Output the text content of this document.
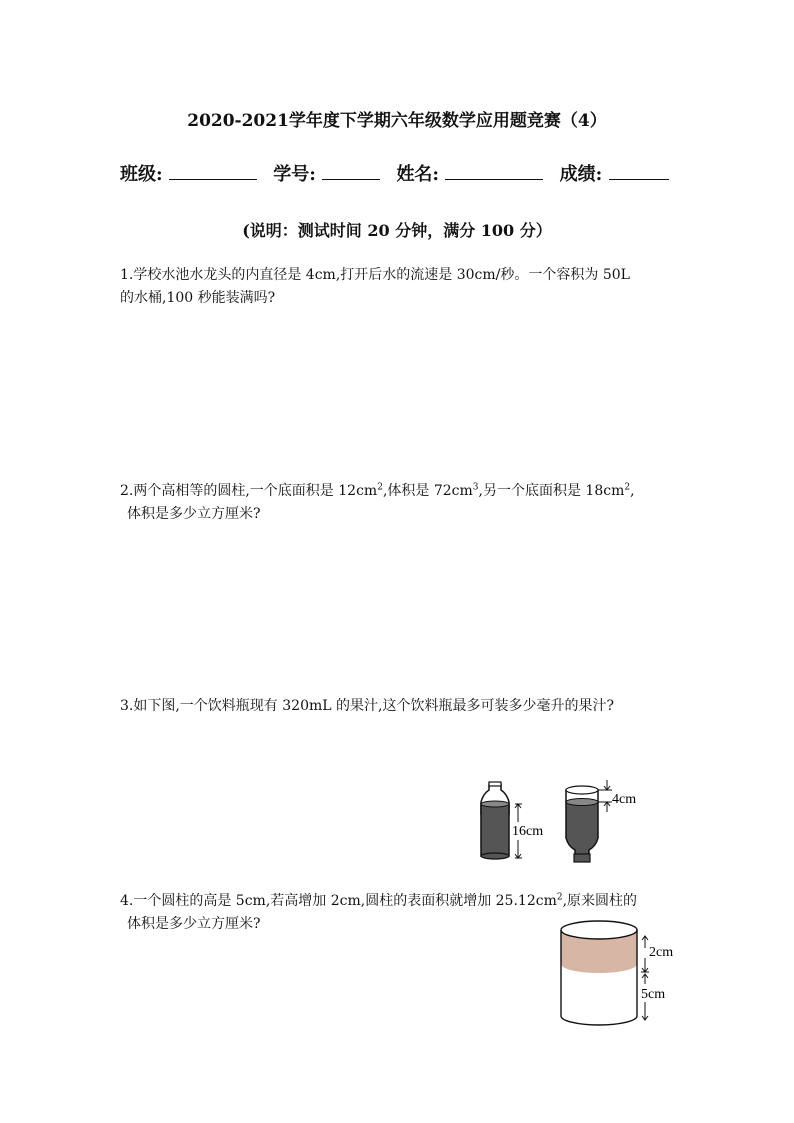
2020-2021学年度下学期六年级数学应用题竞赛（4）
班级:	学号:	姓名:	成绩:
(说明：测试时间 20 分钟，满分 100 分）
1.学校水池水龙头的内直径是 4cm,打开后水的流速是 30cm/秒。一个容积为 50L
的水桶,100 秒能装满吗?
2.两个高相等的圆柱,一个底面积是 $12cm^2$,体积是 $72cm^3$,另一个底面积是 $18cm^2$,
体积是多少立方厘米?
3.如下图,一个饮料瓶现有 320mL 的果汁,这个饮料瓶最多可装多少毫升的果汁?
4.一个圆柱的高是 5cm,若高增加 2cm,圆柱的表面积就增加 $25.12cm^2$,原来圆柱的
体积是多少立方厘米?
16cm
4cm
2cm
5cm
